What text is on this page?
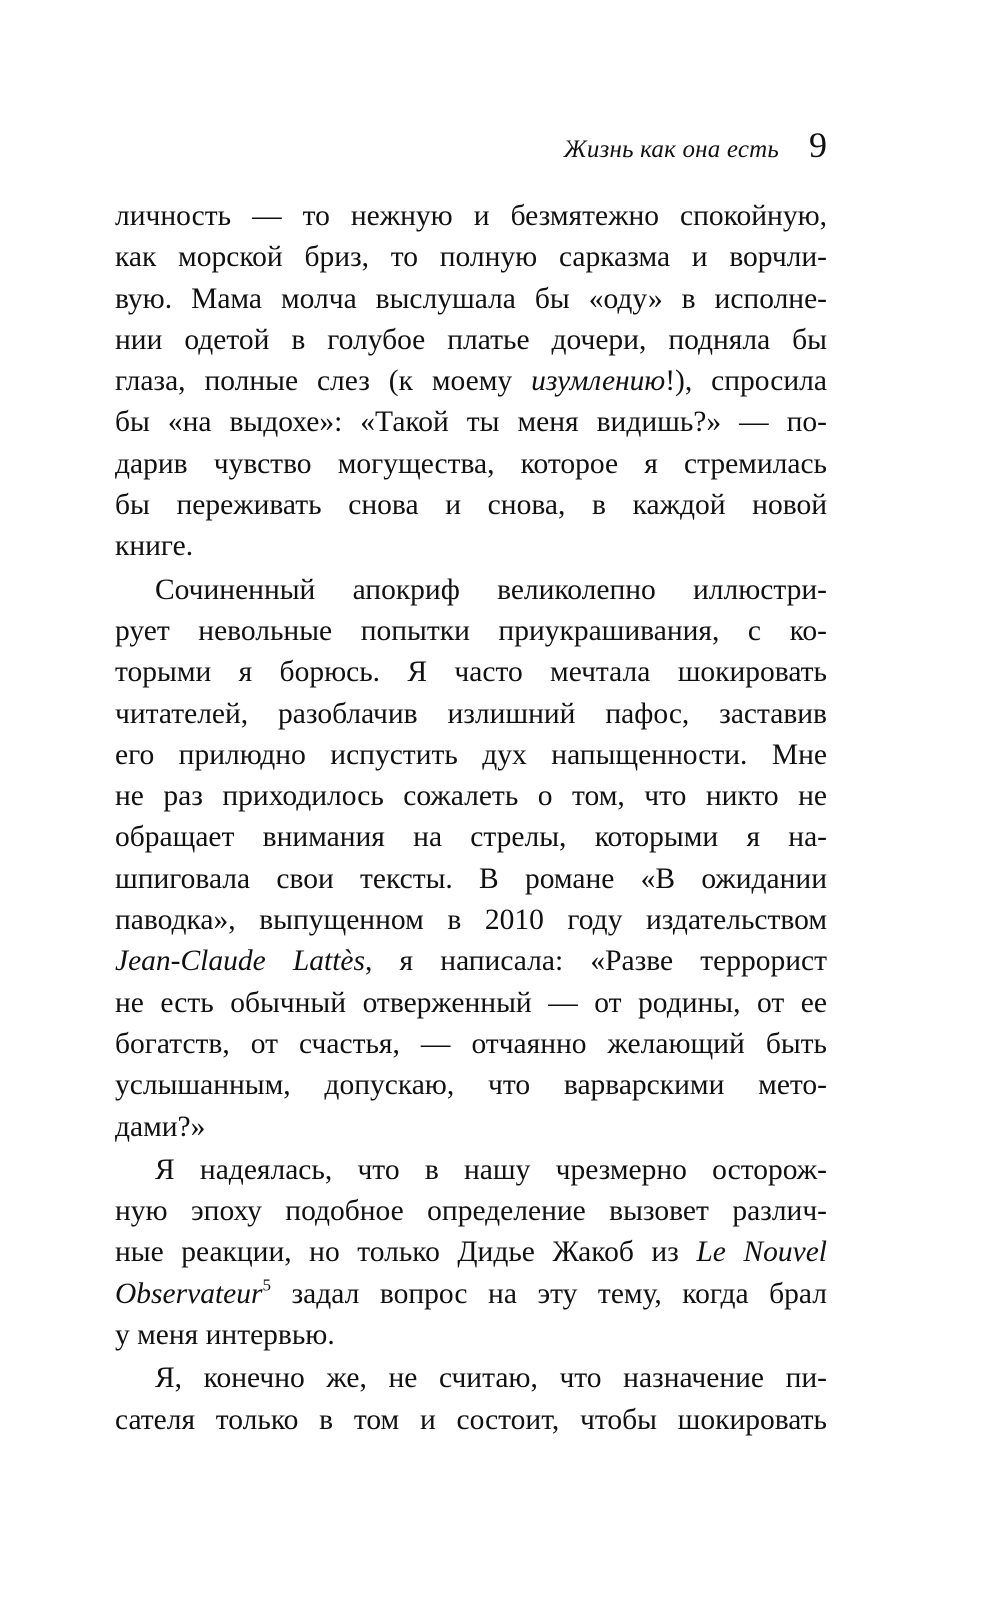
Жизнь как она есть 9
личность — то нежную и безмятежно спокойную,
как морской бриз, то полную сарказма и ворчли-
вую. Мама молча выслушала бы «оду» в исполне-
нии одетой в голубое платье дочери, подняла бы
глаза, полные слез (к моему изумлению!), спросила
бы «на выдохе»: «Такой ты меня видишь?» — по-
дарив чувство могущества, которое я стремилась
бы переживать снова и снова, в каждой новой
книге.
Сочиненный апокриф великолепно иллюстри-
рует невольные попытки приукрашивания, с ко-
торыми я борюсь. Я часто мечтала шокировать
читателей, разоблачив излишний пафос, заставив
его прилюдно испустить дух напыщенности. Мне
не раз приходилось сожалеть о том, что никто не
обращает внимания на стрелы, которыми я на-
шпиговала свои тексты. В романе «В ожидании
паводка», выпущенном в 2010 году издательством
Jean-Claude Lattès, я написала: «Разве террорист
не есть обычный отверженный — от родины, от ее
богатств, от счастья, — отчаянно желающий быть
услышанным, допускаю, что варварскими мето-
дами?»
Я надеялась, что в нашу чрезмерно осторож-
ную эпоху подобное определение вызовет различ-
ные реакции, но только Дидье Жакоб из Le Nouvel
Observateur$^5$ задал вопрос на эту тему, когда брал
у меня интервью.
Я, конечно же, не считаю, что назначение пи-
сателя только в том и состоит, чтобы шокировать
